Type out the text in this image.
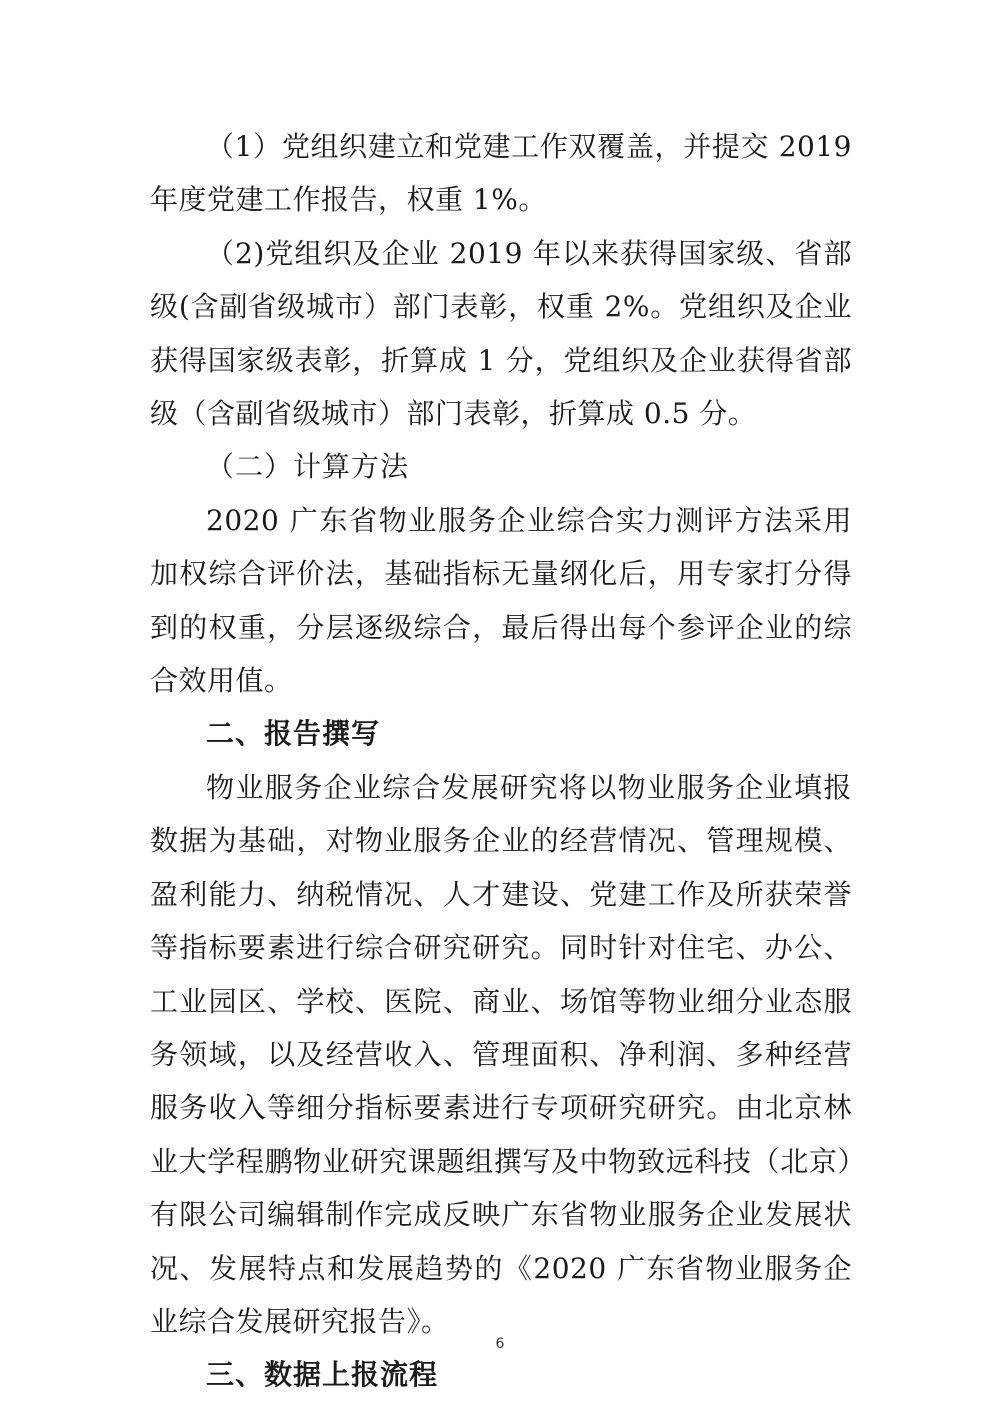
（1）党组织建立和党建工作双覆盖，并提交 2019 年度党建工作报告，权重 1%。

（2)党组织及企业 2019 年以来获得国家级、省部级(含副省级城市）部门表彰，权重 2%。党组织及企业获得国家级表彰，折算成 1 分，党组织及企业获得省部级（含副省级城市）部门表彰，折算成 0.5 分。

（二）计算方法

2020 广东省物业服务企业综合实力测评方法采用加权综合评价法，基础指标无量纲化后，用专家打分得到的权重，分层逐级综合，最后得出每个参评企业的综合效用值。

二、报告撰写

物业服务企业综合发展研究将以物业服务企业填报数据为基础，对物业服务企业的经营情况、管理规模、盈利能力、纳税情况、人才建设、党建工作及所获荣誉等指标要素进行综合研究研究。同时针对住宅、办公、工业园区、学校、医院、商业、场馆等物业细分业态服务领域，以及经营收入、管理面积、净利润、多种经营服务收入等细分指标要素进行专项研究研究。由北京林业大学程鹏物业研究课题组撰写及中物致远科技（北京）有限公司编辑制作完成反映广东省物业服务企业发展状况、发展特点和发展趋势的《2020 广东省物业服务企业综合发展研究报告》。

三、数据上报流程

6
